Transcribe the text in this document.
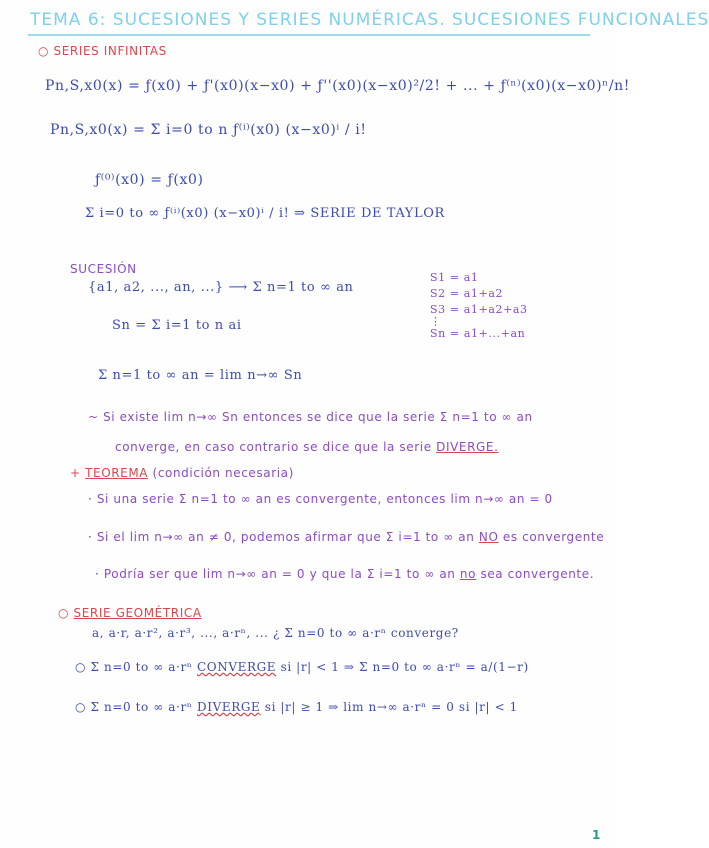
TEMA 6: SUCESIONES Y SERIES NUMÉRICAS. SUCESIONES FUNCIONALES
○ SERIES INFINITAS
Pn,S,x0(x) = ƒ(x0) + ƒ'(x0)(x−x0) + ƒ''(x0)(x−x0)²/2! + ... + ƒ⁽ⁿ⁾(x0)(x−x0)ⁿ/n!
Pn,S,x0(x) = Σ i=0 to n ƒ⁽ⁱ⁾(x0) (x−x0)ⁱ / i!
ƒ⁽⁰⁾(x0) = ƒ(x0)
Σ i=0 to ∞ ƒ⁽ⁱ⁾(x0) (x−x0)ⁱ / i! ⇒ SERIE DE TAYLOR
SUCESIÓN
{a1, a2, ..., an, ...} ⟶ Σ n=1 to ∞ an
S1 = a1
S2 = a1+a2
S3 = a1+a2+a3
⋮
Sn = a1+...+an
Sn = Σ i=1 to n ai
Σ n=1 to ∞ an = lim n→∞ Sn
~ Si existe lim n→∞ Sn entonces se dice que la serie Σ n=1 to ∞ an
converge, en caso contrario se dice que la serie DIVERGE.
+ TEOREMA (condición necesaria)
· Si una serie Σ n=1 to ∞ an es convergente, entonces lim n→∞ an = 0
· Si el lim n→∞ an ≠ 0, podemos afirmar que Σ i=1 to ∞ an NO es convergente
· Podría ser que lim n→∞ an = 0 y que la Σ i=1 to ∞ an no sea convergente.
○ SERIE GEOMÉTRICA
a, a·r, a·r², a·r³, ..., a·rⁿ, ... ¿ Σ n=0 to ∞ a·rⁿ converge?
○ Σ n=0 to ∞ a·rⁿ CONVERGE si |r| < 1 ⇒ Σ n=0 to ∞ a·rⁿ = a/(1−r)
○ Σ n=0 to ∞ a·rⁿ DIVERGE si |r| ≥ 1 ⇒ lim n→∞ a·rⁿ = 0 si |r| < 1
1
